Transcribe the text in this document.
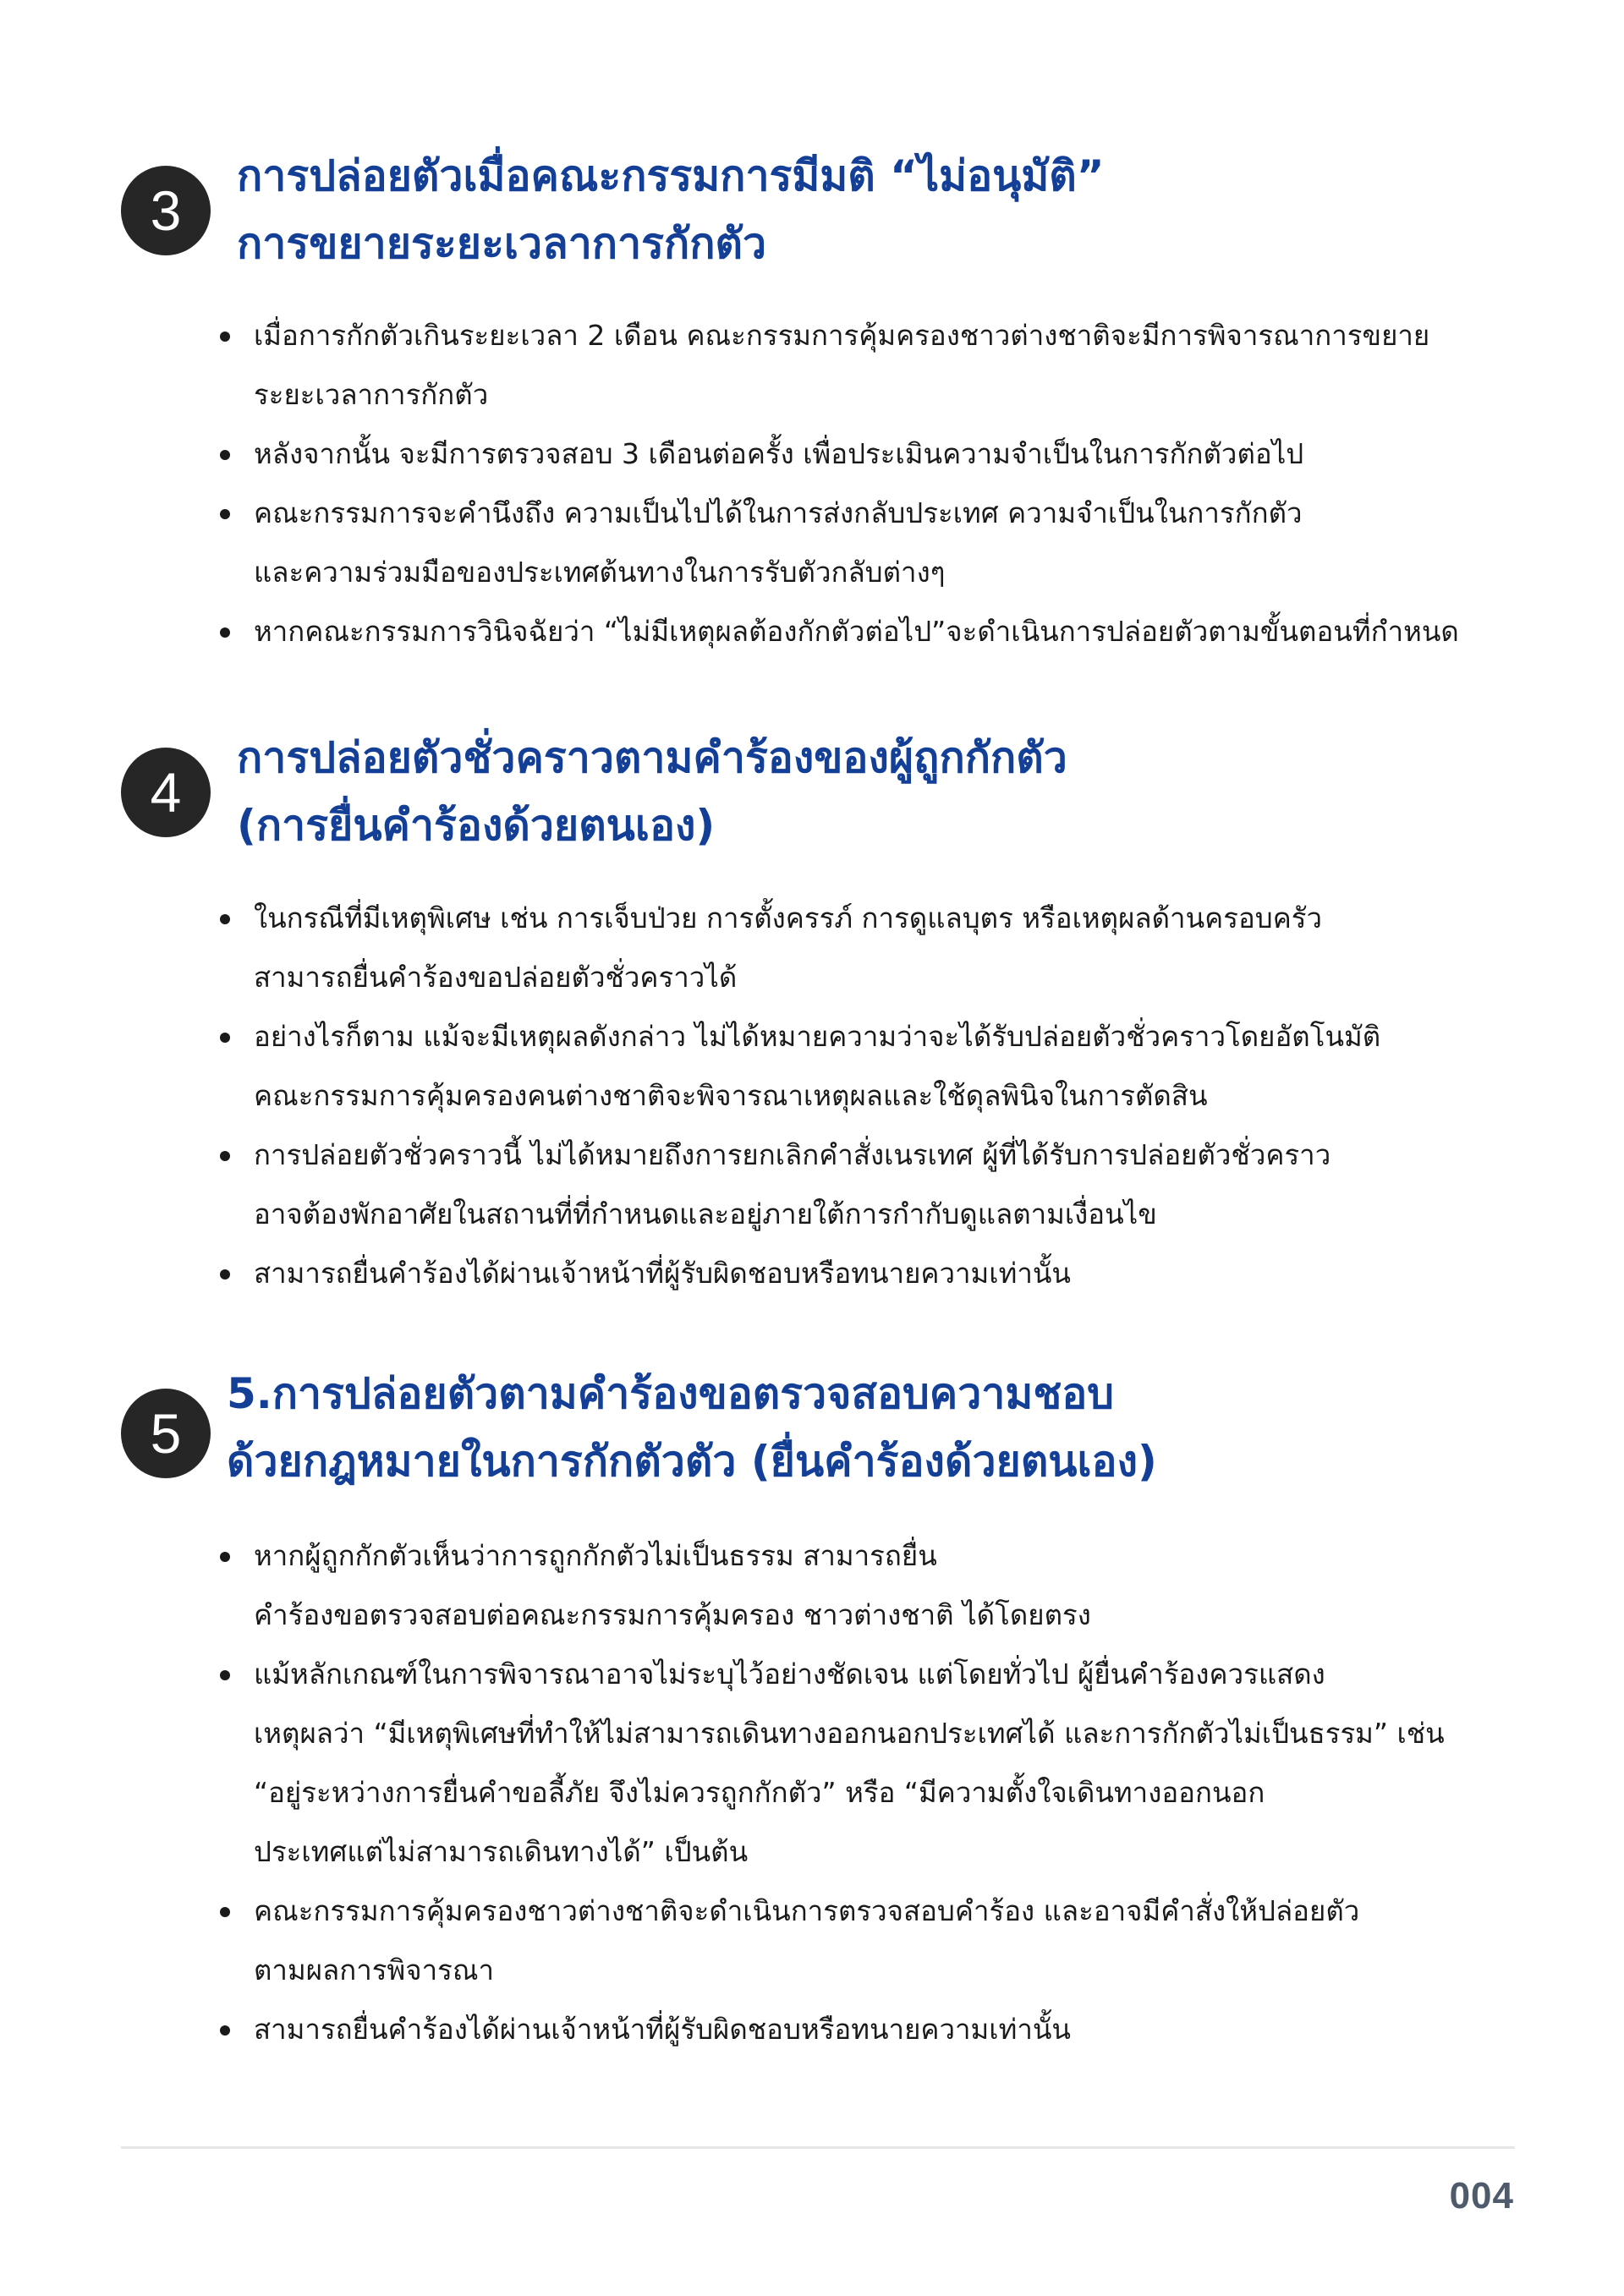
3
การปล่อยตัวเมื่อคณะกรรมการมีมติ “ไม่อนุมัติ”
การขยายระยะเวลาการกักตัว
เมื่อการกักตัวเกินระยะเวลา 2 เดือน คณะกรรมการคุ้มครองชาวต่างชาติจะมีการพิจารณาการขยาย
ระยะเวลาการกักตัว
หลังจากนั้น จะมีการตรวจสอบ 3 เดือนต่อครั้ง เพื่อประเมินความจำเป็นในการกักตัวต่อไป
คณะกรรมการจะคำนึงถึง ความเป็นไปได้ในการส่งกลับประเทศ ความจำเป็นในการกักตัว
และความร่วมมือของประเทศต้นทางในการรับตัวกลับต่างๆ
หากคณะกรรมการวินิจฉัยว่า “ไม่มีเหตุผลต้องกักตัวต่อไป”จะดำเนินการปล่อยตัวตามขั้นตอนที่กำหนด
4
การปล่อยตัวชั่วคราวตามคำร้องของผู้ถูกกักตัว
(การยื่นคำร้องด้วยตนเอง)
ในกรณีที่มีเหตุพิเศษ เช่น การเจ็บป่วย การตั้งครรภ์ การดูแลบุตร หรือเหตุผลด้านครอบครัว
สามารถยื่นคำร้องขอปล่อยตัวชั่วคราวได้
อย่างไรก็ตาม แม้จะมีเหตุผลดังกล่าว ไม่ได้หมายความว่าจะได้รับปล่อยตัวชั่วคราวโดยอัตโนมัติ
คณะกรรมการคุ้มครองคนต่างชาติจะพิจารณาเหตุผลและใช้ดุลพินิจในการตัดสิน
การปล่อยตัวชั่วคราวนี้ ไม่ได้หมายถึงการยกเลิกคำสั่งเนรเทศ ผู้ที่ได้รับการปล่อยตัวชั่วคราว
อาจต้องพักอาศัยในสถานที่ที่กำหนดและอยู่ภายใต้การกำกับดูแลตามเงื่อนไข
สามารถยื่นคำร้องได้ผ่านเจ้าหน้าที่ผู้รับผิดชอบหรือทนายความเท่านั้น
5
5.การปล่อยตัวตามคำร้องขอตรวจสอบความชอบ
ด้วยกฎหมายในการกักตัวตัว (ยื่นคำร้องด้วยตนเอง)
หากผู้ถูกกักตัวเห็นว่าการถูกกักตัวไม่เป็นธรรม สามารถยื่น
คำร้องขอตรวจสอบต่อคณะกรรมการคุ้มครอง ชาวต่างชาติ ได้โดยตรง
แม้หลักเกณฑ์ในการพิจารณาอาจไม่ระบุไว้อย่างชัดเจน แต่โดยทั่วไป ผู้ยื่นคำร้องควรแสดง
เหตุผลว่า “มีเหตุพิเศษที่ทำให้ไม่สามารถเดินทางออกนอกประเทศได้ และการกักตัวไม่เป็นธรรม” เช่น
“อยู่ระหว่างการยื่นคำขอลี้ภัย จึงไม่ควรถูกกักตัว” หรือ “มีความตั้งใจเดินทางออกนอก
ประเทศแต่ไม่สามารถเดินทางได้” เป็นต้น
คณะกรรมการคุ้มครองชาวต่างชาติจะดำเนินการตรวจสอบคำร้อง และอาจมีคำสั่งให้ปล่อยตัว
ตามผลการพิจารณา
สามารถยื่นคำร้องได้ผ่านเจ้าหน้าที่ผู้รับผิดชอบหรือทนายความเท่านั้น
004
